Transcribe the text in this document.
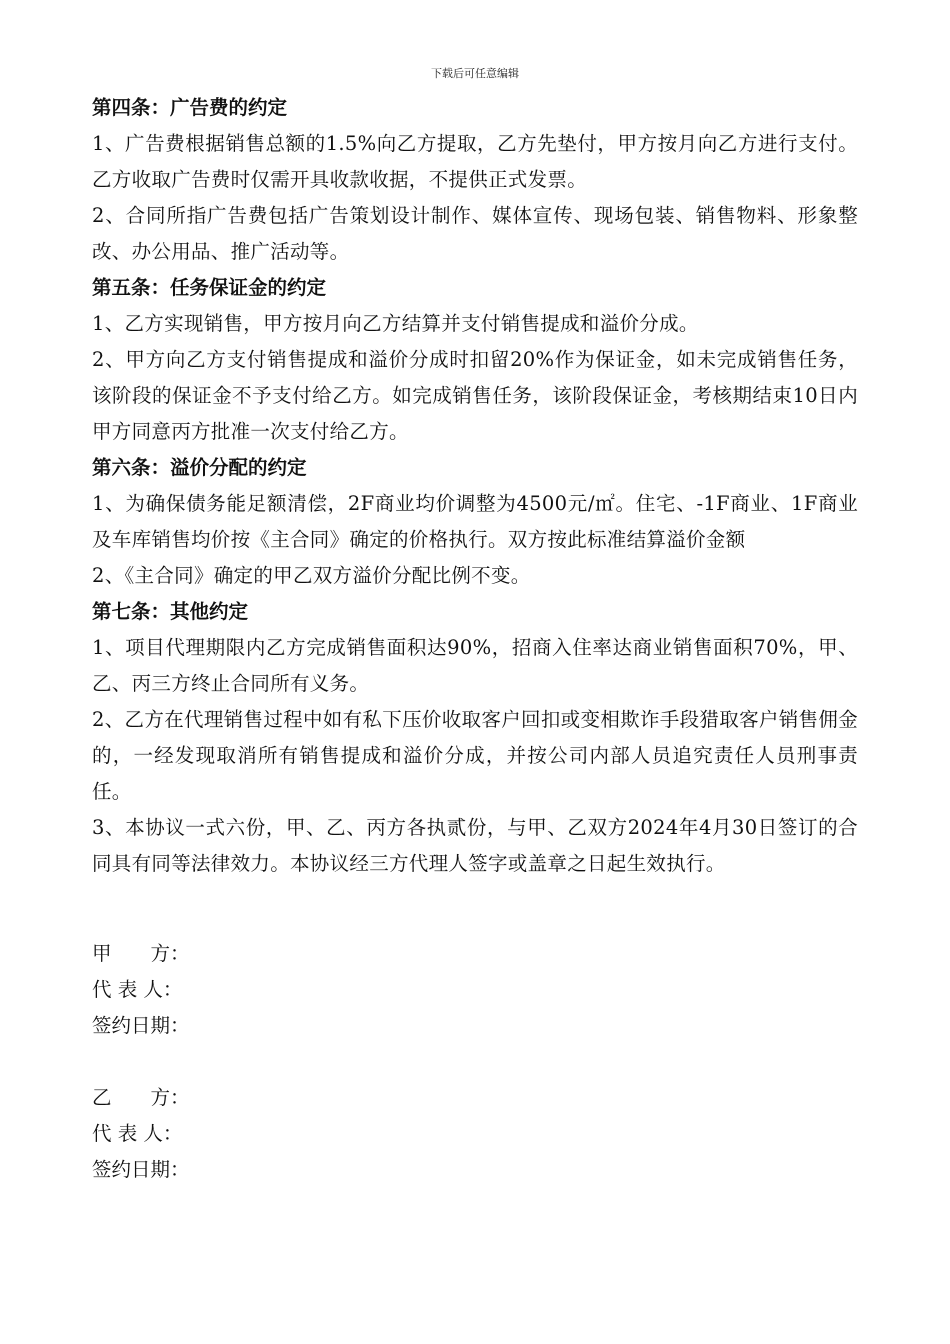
下载后可任意编辑
第四条：广告费的约定

1、广告费根据销售总额的1.5%向乙方提取，乙方先垫付，甲方按月向乙方进行支付。乙方收取广告费时仅需开具收款收据，不提供正式发票。

2、合同所指广告费包括广告策划设计制作、媒体宣传、现场包装、销售物料、形象整改、办公用品、推广活动等。

第五条：任务保证金的约定

1、乙方实现销售，甲方按月向乙方结算并支付销售提成和溢价分成。

2、甲方向乙方支付销售提成和溢价分成时扣留20%作为保证金，如未完成销售任务，该阶段的保证金不予支付给乙方。如完成销售任务，该阶段保证金，考核期结束10日内甲方同意丙方批准一次支付给乙方。

第六条：溢价分配的约定

1、为确保债务能足额清偿，2F商业均价调整为4500元/㎡。住宅、-1F商业、1F商业及车库销售均价按《主合同》确定的价格执行。双方按此标准结算溢价金额

2、《主合同》确定的甲乙双方溢价分配比例不变。

第七条：其他约定

1、项目代理期限内乙方完成销售面积达90%，招商入住率达商业销售面积70%，甲、乙、丙三方终止合同所有义务。

2、乙方在代理销售过程中如有私下压价收取客户回扣或变相欺诈手段猎取客户销售佣金的，一经发现取消所有销售提成和溢价分成，并按公司内部人员追究责任人员刑事责任。

3、本协议一式六份，甲、乙、丙方各执贰份，与甲、乙双方2024年4月30日签订的合同具有同等法律效力。本协议经三方代理人签字或盖章之日起生效执行。

甲　　方：
代 表 人：
签约日期：
乙　　方：
代 表 人：
签约日期：
